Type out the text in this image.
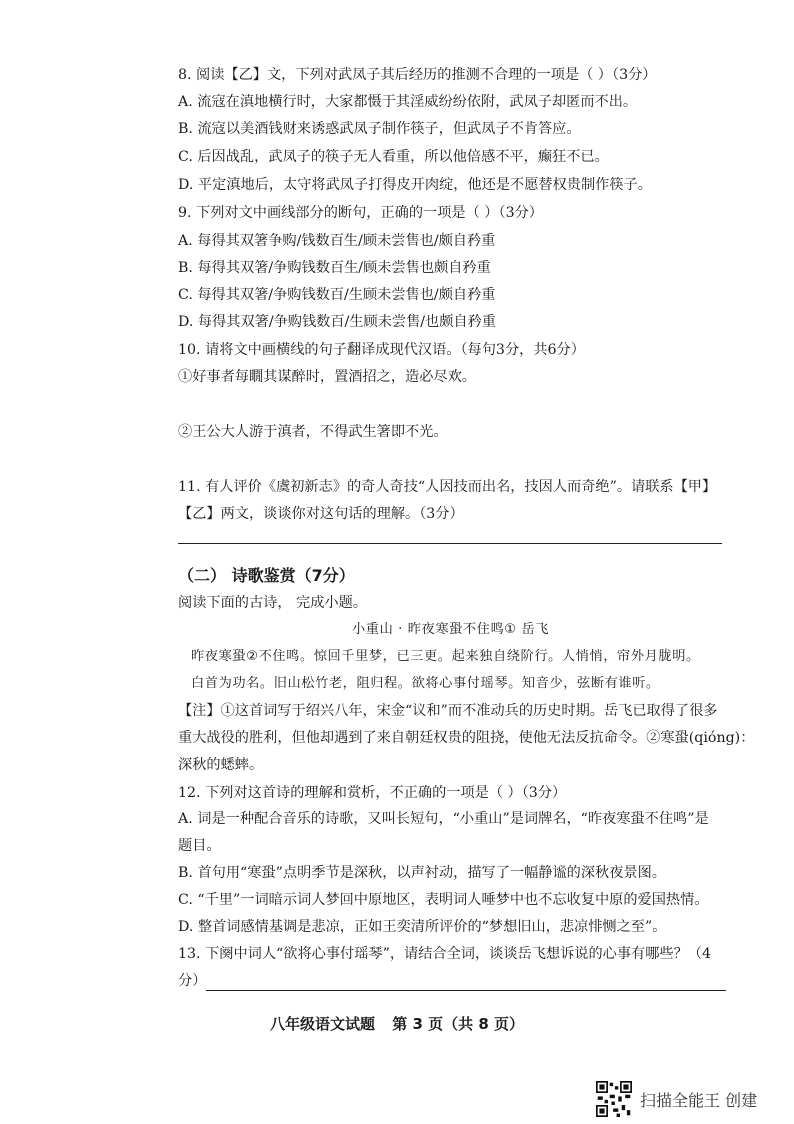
8. 阅读【乙】文，下列对武凤子其后经历的推测不合理的一项是（ ）（3分）
A. 流寇在滇地横行时，大家都慑于其淫威纷纷依附，武凤子却匿而不出。
B. 流寇以美酒钱财来诱惑武凤子制作筷子，但武凤子不肯答应。
C. 后因战乱，武凤子的筷子无人看重，所以他倍感不平，癫狂不已。
D. 平定滇地后，太守将武凤子打得皮开肉绽，他还是不愿替权贵制作筷子。
9. 下列对文中画线部分的断句，正确的一项是（ ）（3分）
A. 每得其双箸争购/钱数百生/顾未尝售也/颇自矜重
B. 每得其双箸/争购钱数百生/顾未尝售也颇自矜重
C. 每得其双箸/争购钱数百/生顾未尝售也/颇自矜重
D. 每得其双箸/争购钱数百/生顾未尝售/也颇自矜重
10. 请将文中画横线的句子翻译成现代汉语。（每句3分，共6分）
①好事者每瞯其谋醉时，置酒招之，造必尽欢。
②王公大人游于滇者，不得武生箸即不光。
11. 有人评价《虞初新志》的奇人奇技“人因技而出名，技因人而奇绝”。请联系【甲】
【乙】两文，谈谈你对这句话的理解。（3分）
（二） 诗歌鉴赏（7分）
阅读下面的古诗， 完成小题。
小重山 · 昨夜寒蛩不住鸣① 岳飞
昨夜寒蛩②不住鸣。惊回千里梦，已三更。起来独自绕阶行。人悄悄，帘外月胧明。
白首为功名。旧山松竹老，阻归程。欲将心事付瑶琴。知音少，弦断有谁听。
【注】①这首词写于绍兴八年，宋金“议和”而不准动兵的历史时期。岳飞已取得了很多
重大战役的胜利，但他却遇到了来自朝廷权贵的阻挠，使他无法反抗命令。②寒蛩(qióng)：
深秋的蟋蟀。
12. 下列对这首诗的理解和赏析，不正确的一项是（ ）（3分）
A. 词是一种配合音乐的诗歌，又叫长短句，“小重山”是词牌名，“昨夜寒蛩不住鸣”是
题目。
B. 首句用“寒蛩”点明季节是深秋，以声衬动，描写了一幅静谧的深秋夜景图。
C. “千里”一词暗示词人梦回中原地区，表明词人唾梦中也不忘收复中原的爱国热情。
D. 整首词感情基调是悲凉，正如王奕清所评价的“梦想旧山，悲凉悱恻之至”。
13. 下阕中词人“欲将心事付瑶琴”，请结合全词，谈谈岳飞想诉说的心事有哪些？（4
分）
八年级语文试题 第 3 页（共 8 页）
扫描全能王 创建
